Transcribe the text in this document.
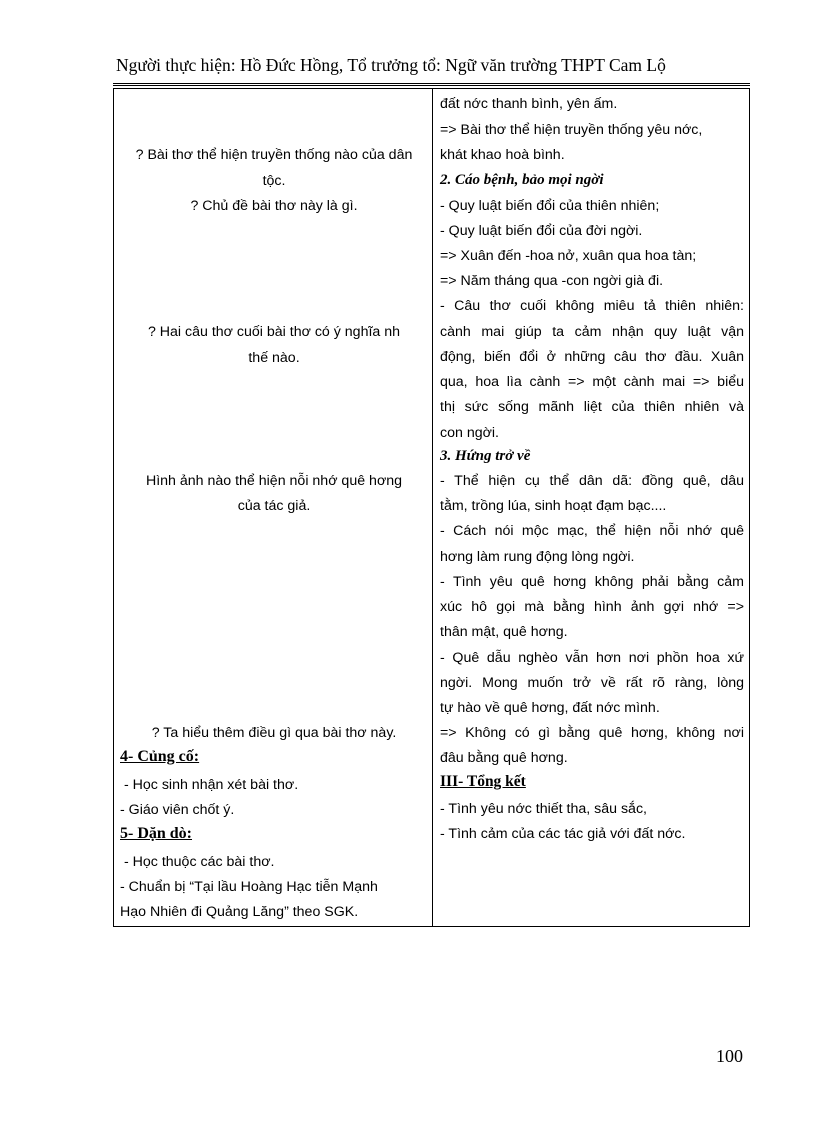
Người thực hiện: Hồ Đức Hồng, Tổ trưởng tổ: Ngữ văn trường THPT Cam Lộ
? Bài thơ thể hiện truyền thống nào của dân
tộc.
? Chủ đề bài thơ này là gì.
? Hai câu thơ cuối bài thơ có ý nghĩa nh
thế nào.
Hình ảnh nào thể hiện nỗi nhớ quê hơng
của tác giả.
? Ta hiểu thêm điều gì qua bài thơ này.
4- Củng cố:
- Học sinh nhận xét bài thơ.
- Giáo viên chốt ý.
5- Dặn dò:
- Học thuộc các bài thơ.
- Chuẩn bị “Tại lầu Hoàng Hạc tiễn Mạnh
Hạo Nhiên đi Quảng Lăng” theo SGK.
đất nớc thanh bình, yên ấm.
=> Bài thơ thể hiện truyền thống yêu nớc,
khát khao hoà bình.
2. Cáo bệnh, bảo mọi ngời
- Quy luật biến đổi của thiên nhiên;
- Quy luật biến đổi của đời ngời.
=> Xuân đến -hoa nở, xuân qua hoa tàn;
=> Năm tháng qua -con ngời già đi.
- Câu thơ cuối không miêu tả thiên nhiên:
cành mai giúp ta cảm nhận quy luật vận
động, biến đổi ở những câu thơ đầu. Xuân
qua, hoa lìa cành => một cành mai => biểu
thị sức sống mãnh liệt của thiên nhiên và
con ngời.
3. Hứng trở về
- Thể hiện cụ thể dân dã: đồng quê, dâu
tằm, trồng lúa, sinh hoạt đạm bạc....
- Cách nói mộc mạc, thể hiện nỗi nhớ quê
hơng làm rung động lòng ngời.
- Tình yêu quê hơng không phải bằng cảm
xúc hô gọi mà bằng hình ảnh gợi nhớ =>
thân mật, quê hơng.
- Quê dẫu nghèo vẫn hơn nơi phồn hoa xứ
ngời. Mong muốn trở về rất rõ ràng, lòng
tự hào về quê hơng, đất nớc mình.
=> Không có gì bằng quê hơng, không nơi
đâu bằng quê hơng.
III- Tổng kết
- Tình yêu nớc thiết tha, sâu sắc,
- Tình cảm của các tác giả với đất nớc.
100
